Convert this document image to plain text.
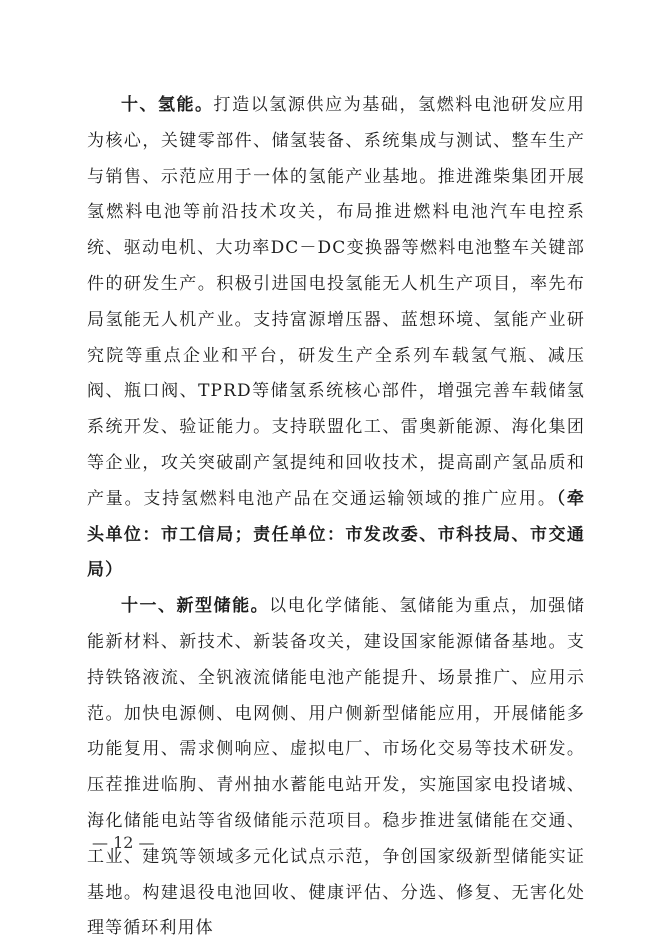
十、氢能。打造以氢源供应为基础，氢燃料电池研发应用为核心，关键零部件、储氢装备、系统集成与测试、整车生产与销售、示范应用于一体的氢能产业基地。推进潍柴集团开展氢燃料电池等前沿技术攻关，布局推进燃料电池汽车电控系统、驱动电机、大功率DC－DC变换器等燃料电池整车关键部件的研发生产。积极引进国电投氢能无人机生产项目，率先布局氢能无人机产业。支持富源增压器、蓝想环境、氢能产业研究院等重点企业和平台，研发生产全系列车载氢气瓶、减压阀、瓶口阀、TPRD等储氢系统核心部件，增强完善车载储氢系统开发、验证能力。支持联盟化工、雷奥新能源、海化集团等企业，攻关突破副产氢提纯和回收技术，提高副产氢品质和产量。支持氢燃料电池产品在交通运输领域的推广应用。（牵头单位：市工信局；责任单位：市发改委、市科技局、市交通局）

十一、新型储能。以电化学储能、氢储能为重点，加强储能新材料、新技术、新装备攻关，建设国家能源储备基地。支持铁铬液流、全钒液流储能电池产能提升、场景推广、应用示范。加快电源侧、电网侧、用户侧新型储能应用，开展储能多功能复用、需求侧响应、虚拟电厂、市场化交易等技术研发。压茬推进临朐、青州抽水蓄能电站开发，实施国家电投诸城、海化储能电站等省级储能示范项目。稳步推进氢储能在交通、工业、建筑等领域多元化试点示范，争创国家级新型储能实证基地。构建退役电池回收、健康评估、分选、修复、无害化处理等循环利用体

— 12 —
